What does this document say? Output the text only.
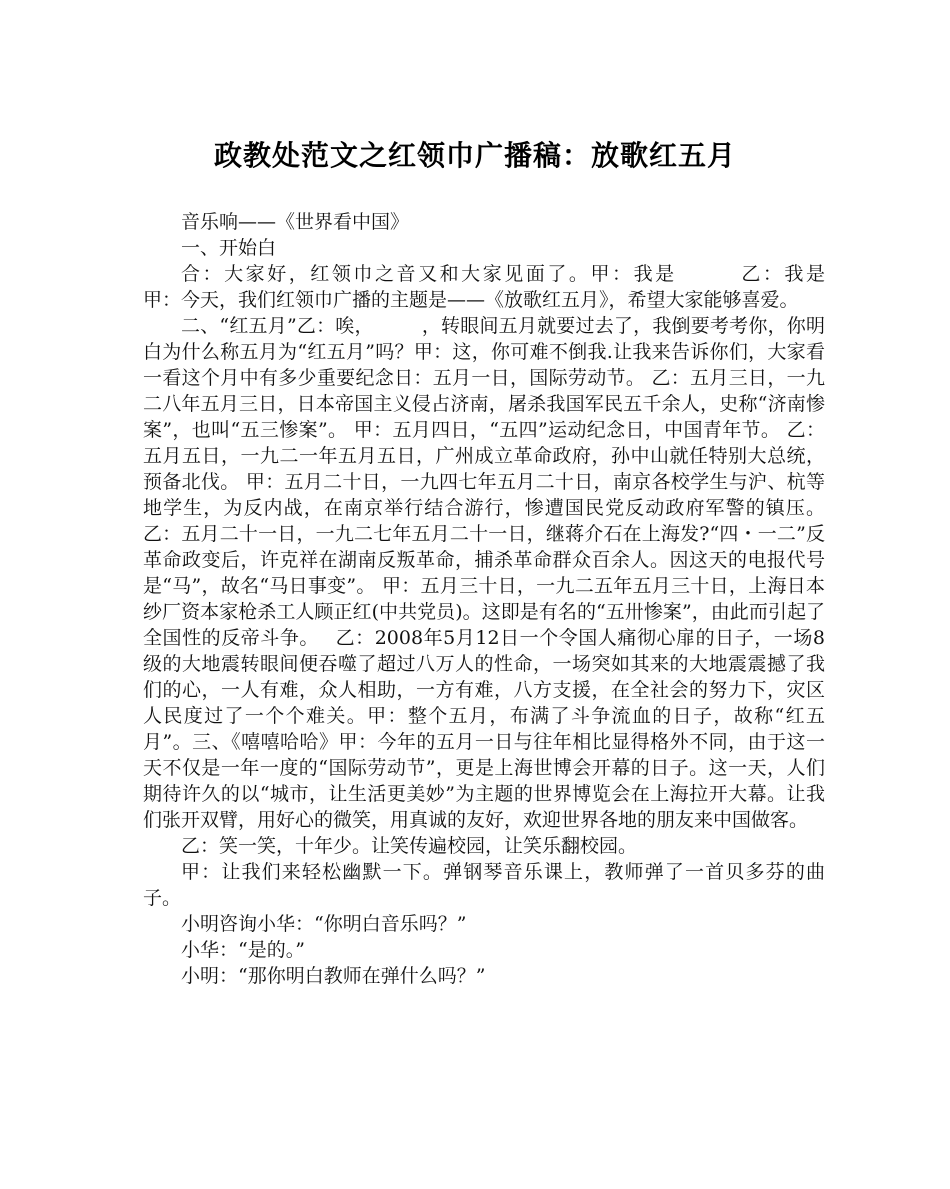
政教处范文之红领巾广播稿：放歌红五月

音乐响——《世界看中国》

一、开始白

合：大家好，红领巾之音又和大家见面了。甲：我是　　　乙：我是　　　甲：今天，我们红领巾广播的主题是——《放歌红五月》，希望大家能够喜爱。

二、“红五月”乙：唉，　　　，转眼间五月就要过去了，我倒要考考你，你明白为什么称五月为“红五月”吗？甲：这，你可难不倒我.让我来告诉你们，大家看一看这个月中有多少重要纪念日：五月一日，国际劳动节。 乙：五月三日，一九二八年五月三日，日本帝国主义侵占济南，屠杀我国军民五千余人，史称“济南惨案”，也叫“五三惨案”。 甲：五月四日，“五四”运动纪念日，中国青年节。 乙：五月五日，一九二一年五月五日，广州成立革命政府，孙中山就任特别大总统，预备北伐。 甲：五月二十日，一九四七年五月二十日，南京各校学生与沪、杭等地学生，为反内战，在南京举行结合游行，惨遭国民党反动政府军警的镇压。 乙：五月二十一日，一九二七年五月二十一日，继蒋介石在上海发?“四・一二”反革命政变后，许克祥在湖南反叛革命，捕杀革命群众百余人。因这天的电报代号是“马”，故名“马日事变”。 甲：五月三十日，一九二五年五月三十日，上海日本纱厂资本家枪杀工人顾正红(中共党员)。这即是有名的“五卅惨案”，由此而引起了全国性的反帝斗争。　 乙：2008年5月12日一个令国人痛彻心扉的日子，一场8级的大地震转眼间便吞噬了超过八万人的性命，一场突如其来的大地震震撼了我们的心，一人有难，众人相助，一方有难，八方支援，在全社会的努力下，灾区人民度过了一个个难关。甲：整个五月，布满了斗争流血的日子，故称“红五月”。三、《嘻嘻哈哈》甲：今年的五月一日与往年相比显得格外不同，由于这一天不仅是一年一度的“国际劳动节”，更是上海世博会开幕的日子。这一天，人们期待许久的以“城市，让生活更美妙”为主题的世界博览会在上海拉开大幕。让我们张开双臂，用好心的微笑，用真诚的友好，欢迎世界各地的朋友来中国做客。

乙：笑一笑，十年少。让笑传遍校园，让笑乐翻校园。

甲：让我们来轻松幽默一下。弹钢琴音乐课上，教师弹了一首贝多芬的曲子。

小明咨询小华：“你明白音乐吗？”

小华：“是的。”

小明：“那你明白教师在弹什么吗？”
